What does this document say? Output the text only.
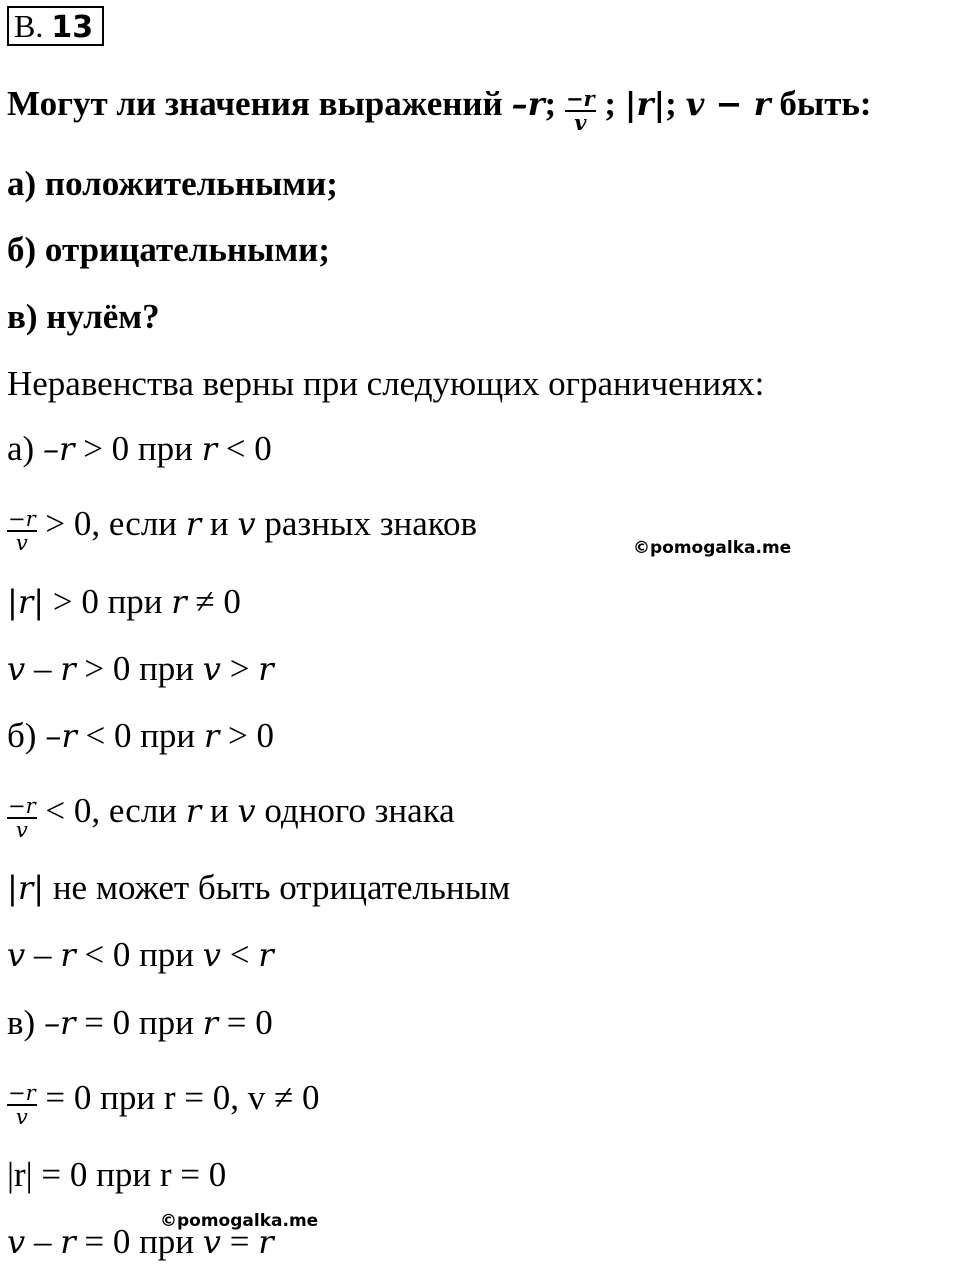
В. 13
Могут ли значения выражений –r; $\frac{-r}{v}$ ; |r|; v − r быть:
а) положительными;
б) отрицательными;
в) нулём?
Неравенства верны при следующих ограничениях:
а) –r > 0 при r < 0
$\frac{-r}{v} > 0$, если r и v разных знаков
|r| > 0 при r ≠ 0
v – r > 0 при v > r
б) –r < 0 при r > 0
$\frac{-r}{v} < 0$, если r и v одного знака
|r| не может быть отрицательным
v – r < 0 при v < r
в) –r = 0 при r = 0
$\frac{-r}{v} = 0$ при r = 0, v ≠ 0
|r| = 0 при r = 0
v – r = 0 при v = r
©pomogalka.me
©pomogalka.me
